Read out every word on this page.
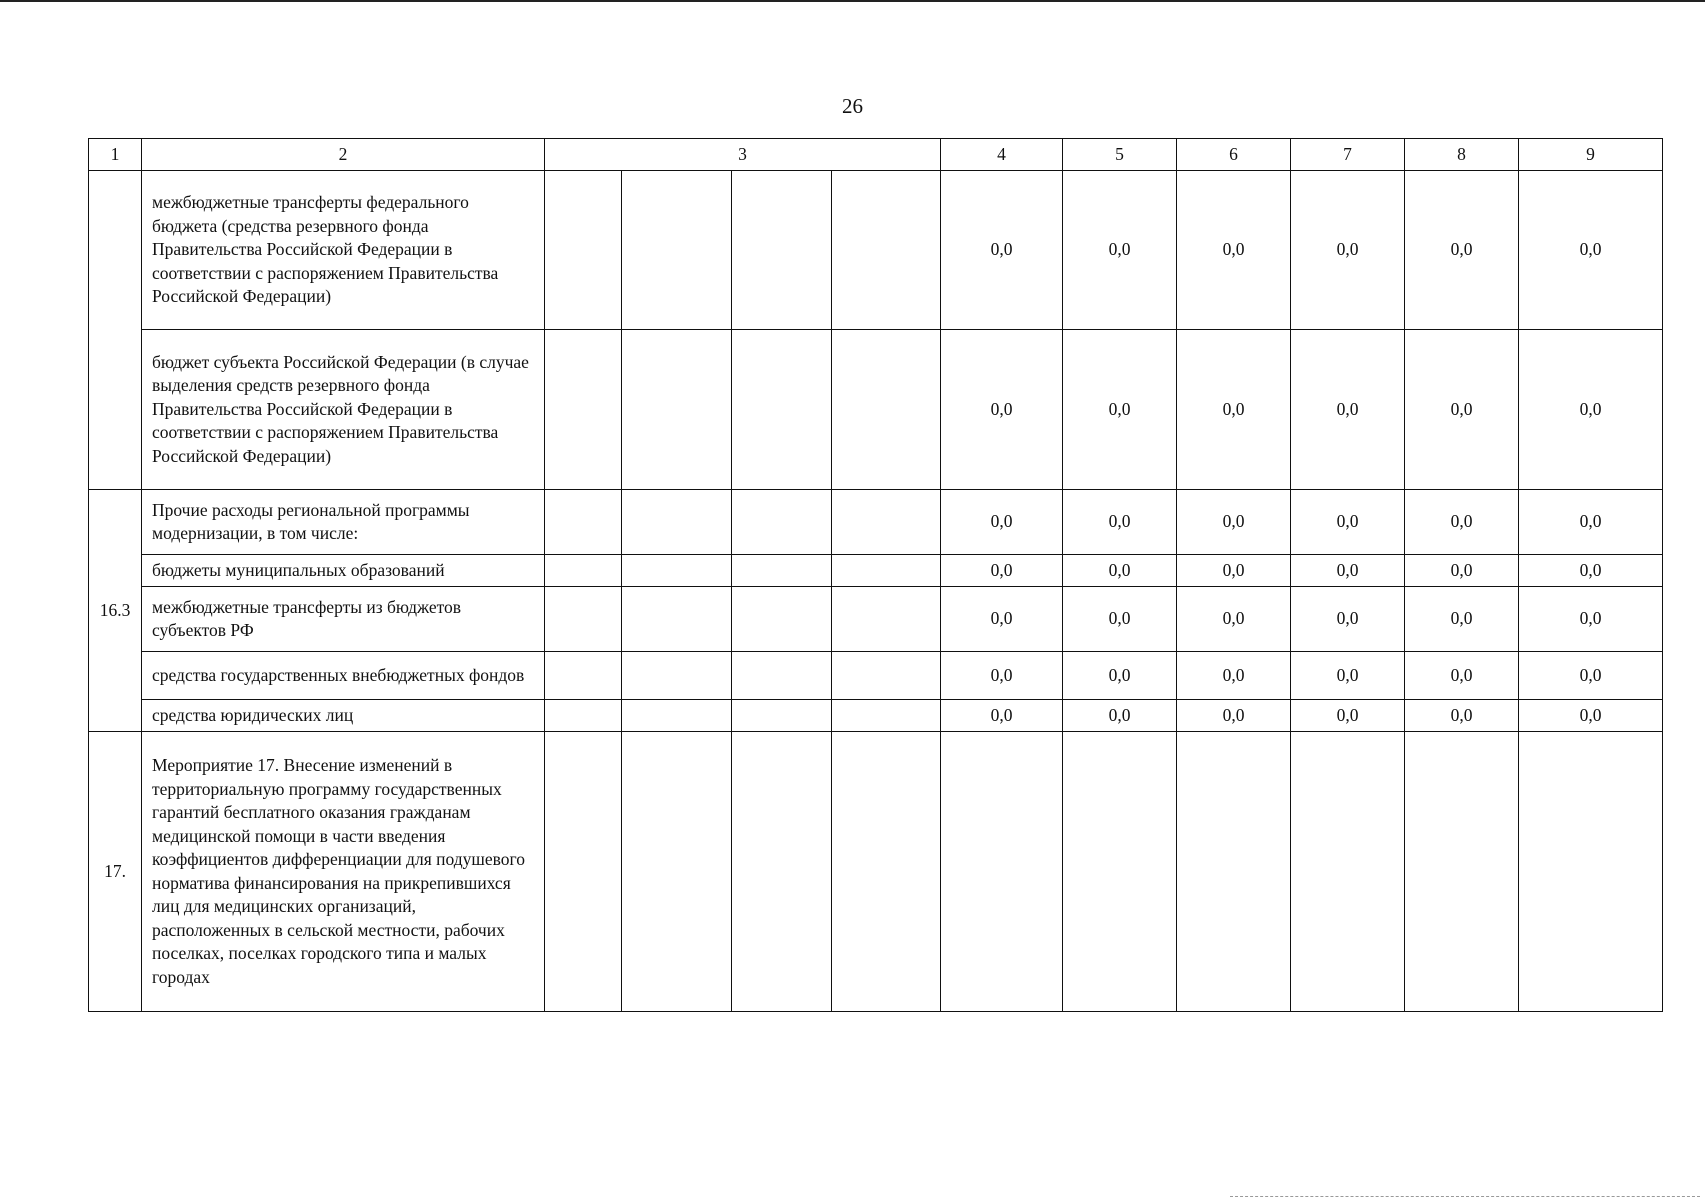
26
1	2	3				4	5	6	7	8	9
	межбюджетные трансферты федерального бюджета (средства резервного фонда Правительства Российской Федерации в соответствии с распоряжением Правительства Российской Федерации)					0,0	0,0	0,0	0,0	0,0	0,0
	бюджет субъекта Российской Федерации (в случае выделения средств резервного фонда Правительства Российской Федерации в соответствии с распоряжением Правительства Российской Федерации)					0,0	0,0	0,0	0,0	0,0	0,0
16.3	Прочие расходы региональной программы модернизации, в том числе:					0,0	0,0	0,0	0,0	0,0	0,0
	бюджеты муниципальных образований					0,0	0,0	0,0	0,0	0,0	0,0
	межбюджетные трансферты из бюджетов субъектов РФ					0,0	0,0	0,0	0,0	0,0	0,0
	средства государственных внебюджетных фондов					0,0	0,0	0,0	0,0	0,0	0,0
	средства юридических лиц					0,0	0,0	0,0	0,0	0,0	0,0
17.	Мероприятие 17. Внесение изменений в территориальную программу государственных гарантий бесплатного оказания гражданам медицинской помощи в части введения коэффициентов дифференциации для подушевого норматива финансирования на прикрепившихся лиц для медицинских организаций, расположенных в сельской местности, рабочих поселках, поселках городского типа и малых городах										
